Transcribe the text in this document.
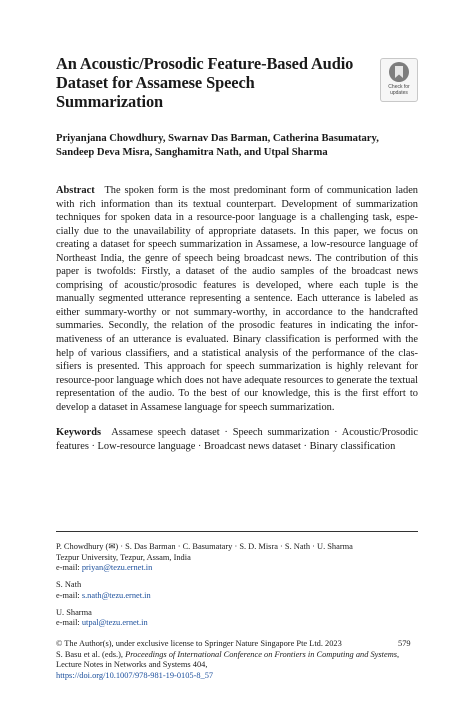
An Acoustic/Prosodic Feature-Based Audio Dataset for Assamese Speech Summarization
Priyanjana Chowdhury, Swarnav Das Barman, Catherina Basumatary, Sandeep Deva Misra, Sanghamitra Nath, and Utpal Sharma
Abstract The spoken form is the most predominant form of communication laden with rich information than its textual counterpart. Development of summarization techniques for spoken data in a resource-poor language is a challenging task, especially due to the unavailability of appropriate datasets. In this paper, we focus on creating a dataset for speech summarization in Assamese, a low-resource language of Northeast India, the genre of speech being broadcast news. The contribution of this paper is twofolds: Firstly, a dataset of the audio samples of the broadcast news comprising of acoustic/prosodic features is developed, where each tuple is the manually segmented utterance representing a sentence. Each utterance is labeled as either summary-worthy or not summary-worthy, in accordance to the handcrafted summaries. Secondly, the relation of the prosodic features in indicating the informativeness of an utterance is evaluated. Binary classification is performed with the help of various classifiers, and a statistical analysis of the performance of the classifiers is presented. This approach for speech summarization is highly relevant for resource-poor language which does not have adequate resources to generate the textual representation of the audio. To the best of our knowledge, this is the first effort to develop a dataset in Assamese language for speech summarization.
Keywords Assamese speech dataset · Speech summarization · Acoustic/Prosodic features · Low-resource language · Broadcast news dataset · Binary classification
Check for
updates
P. Chowdhury (✉) · S. Das Barman · C. Basumatary · S. D. Misra · S. Nath · U. Sharma
Tezpur University, Tezpur, Assam, India
e-mail: priyan@tezu.ernet.in
S. Nath
e-mail: s.nath@tezu.ernet.in
U. Sharma
e-mail: utpal@tezu.ernet.in
© The Author(s), under exclusive license to Springer Nature Singapore Pte Ltd. 2023
S. Basu et al. (eds.), Proceedings of International Conference on Frontiers in Computing and Systems, Lecture Notes in Networks and Systems 404,
https://doi.org/10.1007/978-981-19-0105-8_57
579
